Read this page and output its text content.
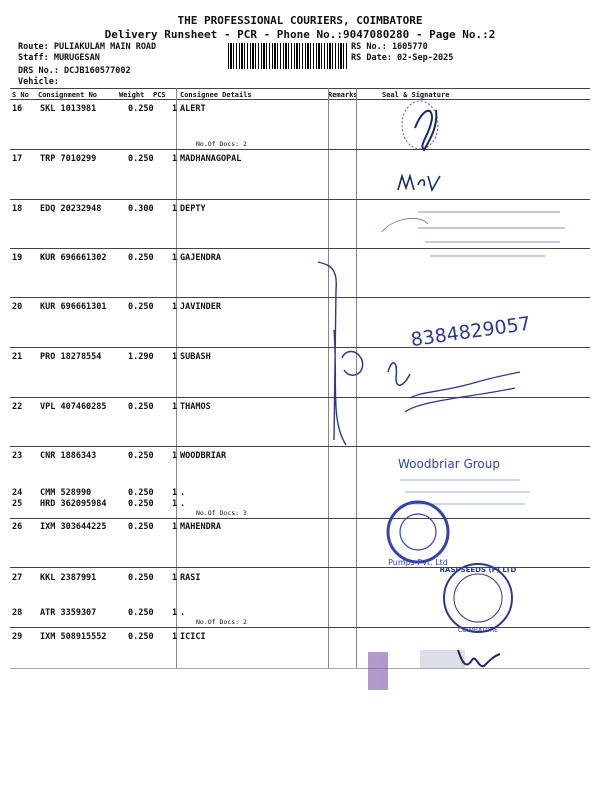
THE PROFESSIONAL COURIERS, COIMBATORE
Delivery Runsheet - PCR - Phone No.:9047080280 - Page No.:2
Route: PULIAKULAM MAIN ROAD
Staff: MURUGESAN
DRS No.: DCJB160577002
Vehicle:
RS No.: 1605770
RS Date: 02-Sep-2025
S No Consignment No	Weight PCS Consignee Details	Remarks	Seal & Signature
16 SKL 1013981	0.250 1 ALERT
No.Of Docs: 2
17 TRP 7010299	0.250 1 MADHANAGOPAL
18 EDQ 20232948	0.300 1 DEPTY
19 KUR 696661302	0.250 1 GAJENDRA
20 KUR 696661301	0.250 1 JAVINDER
21 PRO 18278554	1.290 1 SUBASH
22 VPL 407460285	0.250 1 THAMOS
23 CNR 1886343	0.250 1 WOODBRIAR
24 CMM 528990	0.250 1 .
25 HRD 362095984	0.250 1 .
No.Of Docs: 3
26 IXM 303644225	0.250 1 MAHENDRA
27 KKL 2387991	0.250 1 RASI
28 ATR 3359307	0.250 1 .
No.Of Docs: 2
29 IXM 508915552	0.250 1 ICICI
8384829057
Woodbriar Group
Pumps Pvt. Ltd
RASI SEEDS (P) LTD
COIMBATORE
